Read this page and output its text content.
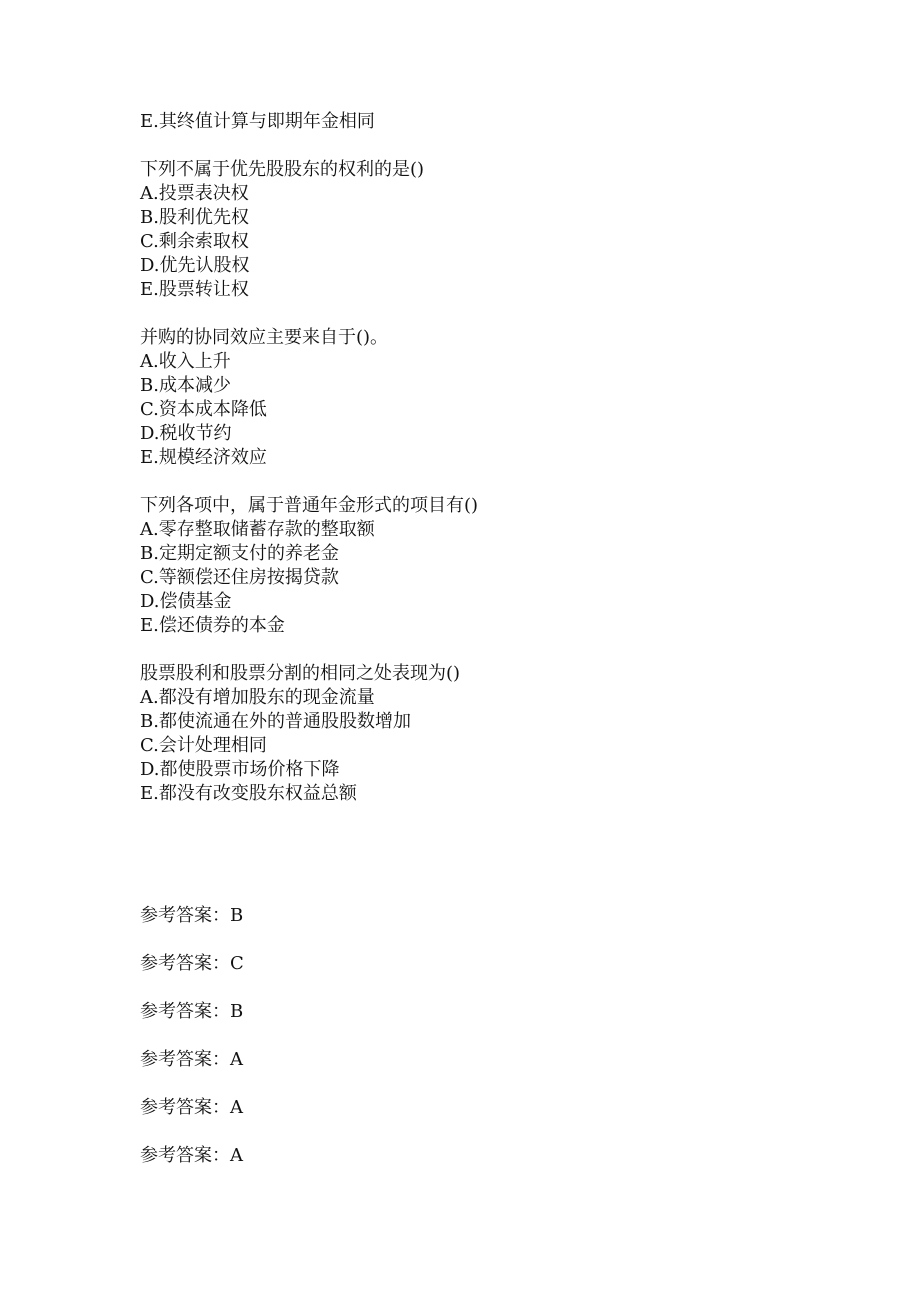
E.其终值计算与即期年金相同
下列不属于优先股股东的权利的是()
A.投票表决权
B.股利优先权
C.剩余索取权
D.优先认股权
E.股票转让权
并购的协同效应主要来自于()。
A.收入上升
B.成本减少
C.资本成本降低
D.税收节约
E.规模经济效应
下列各项中，属于普通年金形式的项目有()
A.零存整取储蓄存款的整取额
B.定期定额支付的养老金
C.等额偿还住房按揭贷款
D.偿债基金
E.偿还债券的本金
股票股利和股票分割的相同之处表现为()
A.都没有增加股东的现金流量
B.都使流通在外的普通股股数增加
C.会计处理相同
D.都使股票市场价格下降
E.都没有改变股东权益总额
参考答案：B
参考答案：C
参考答案：B
参考答案：A
参考答案：A
参考答案：A
